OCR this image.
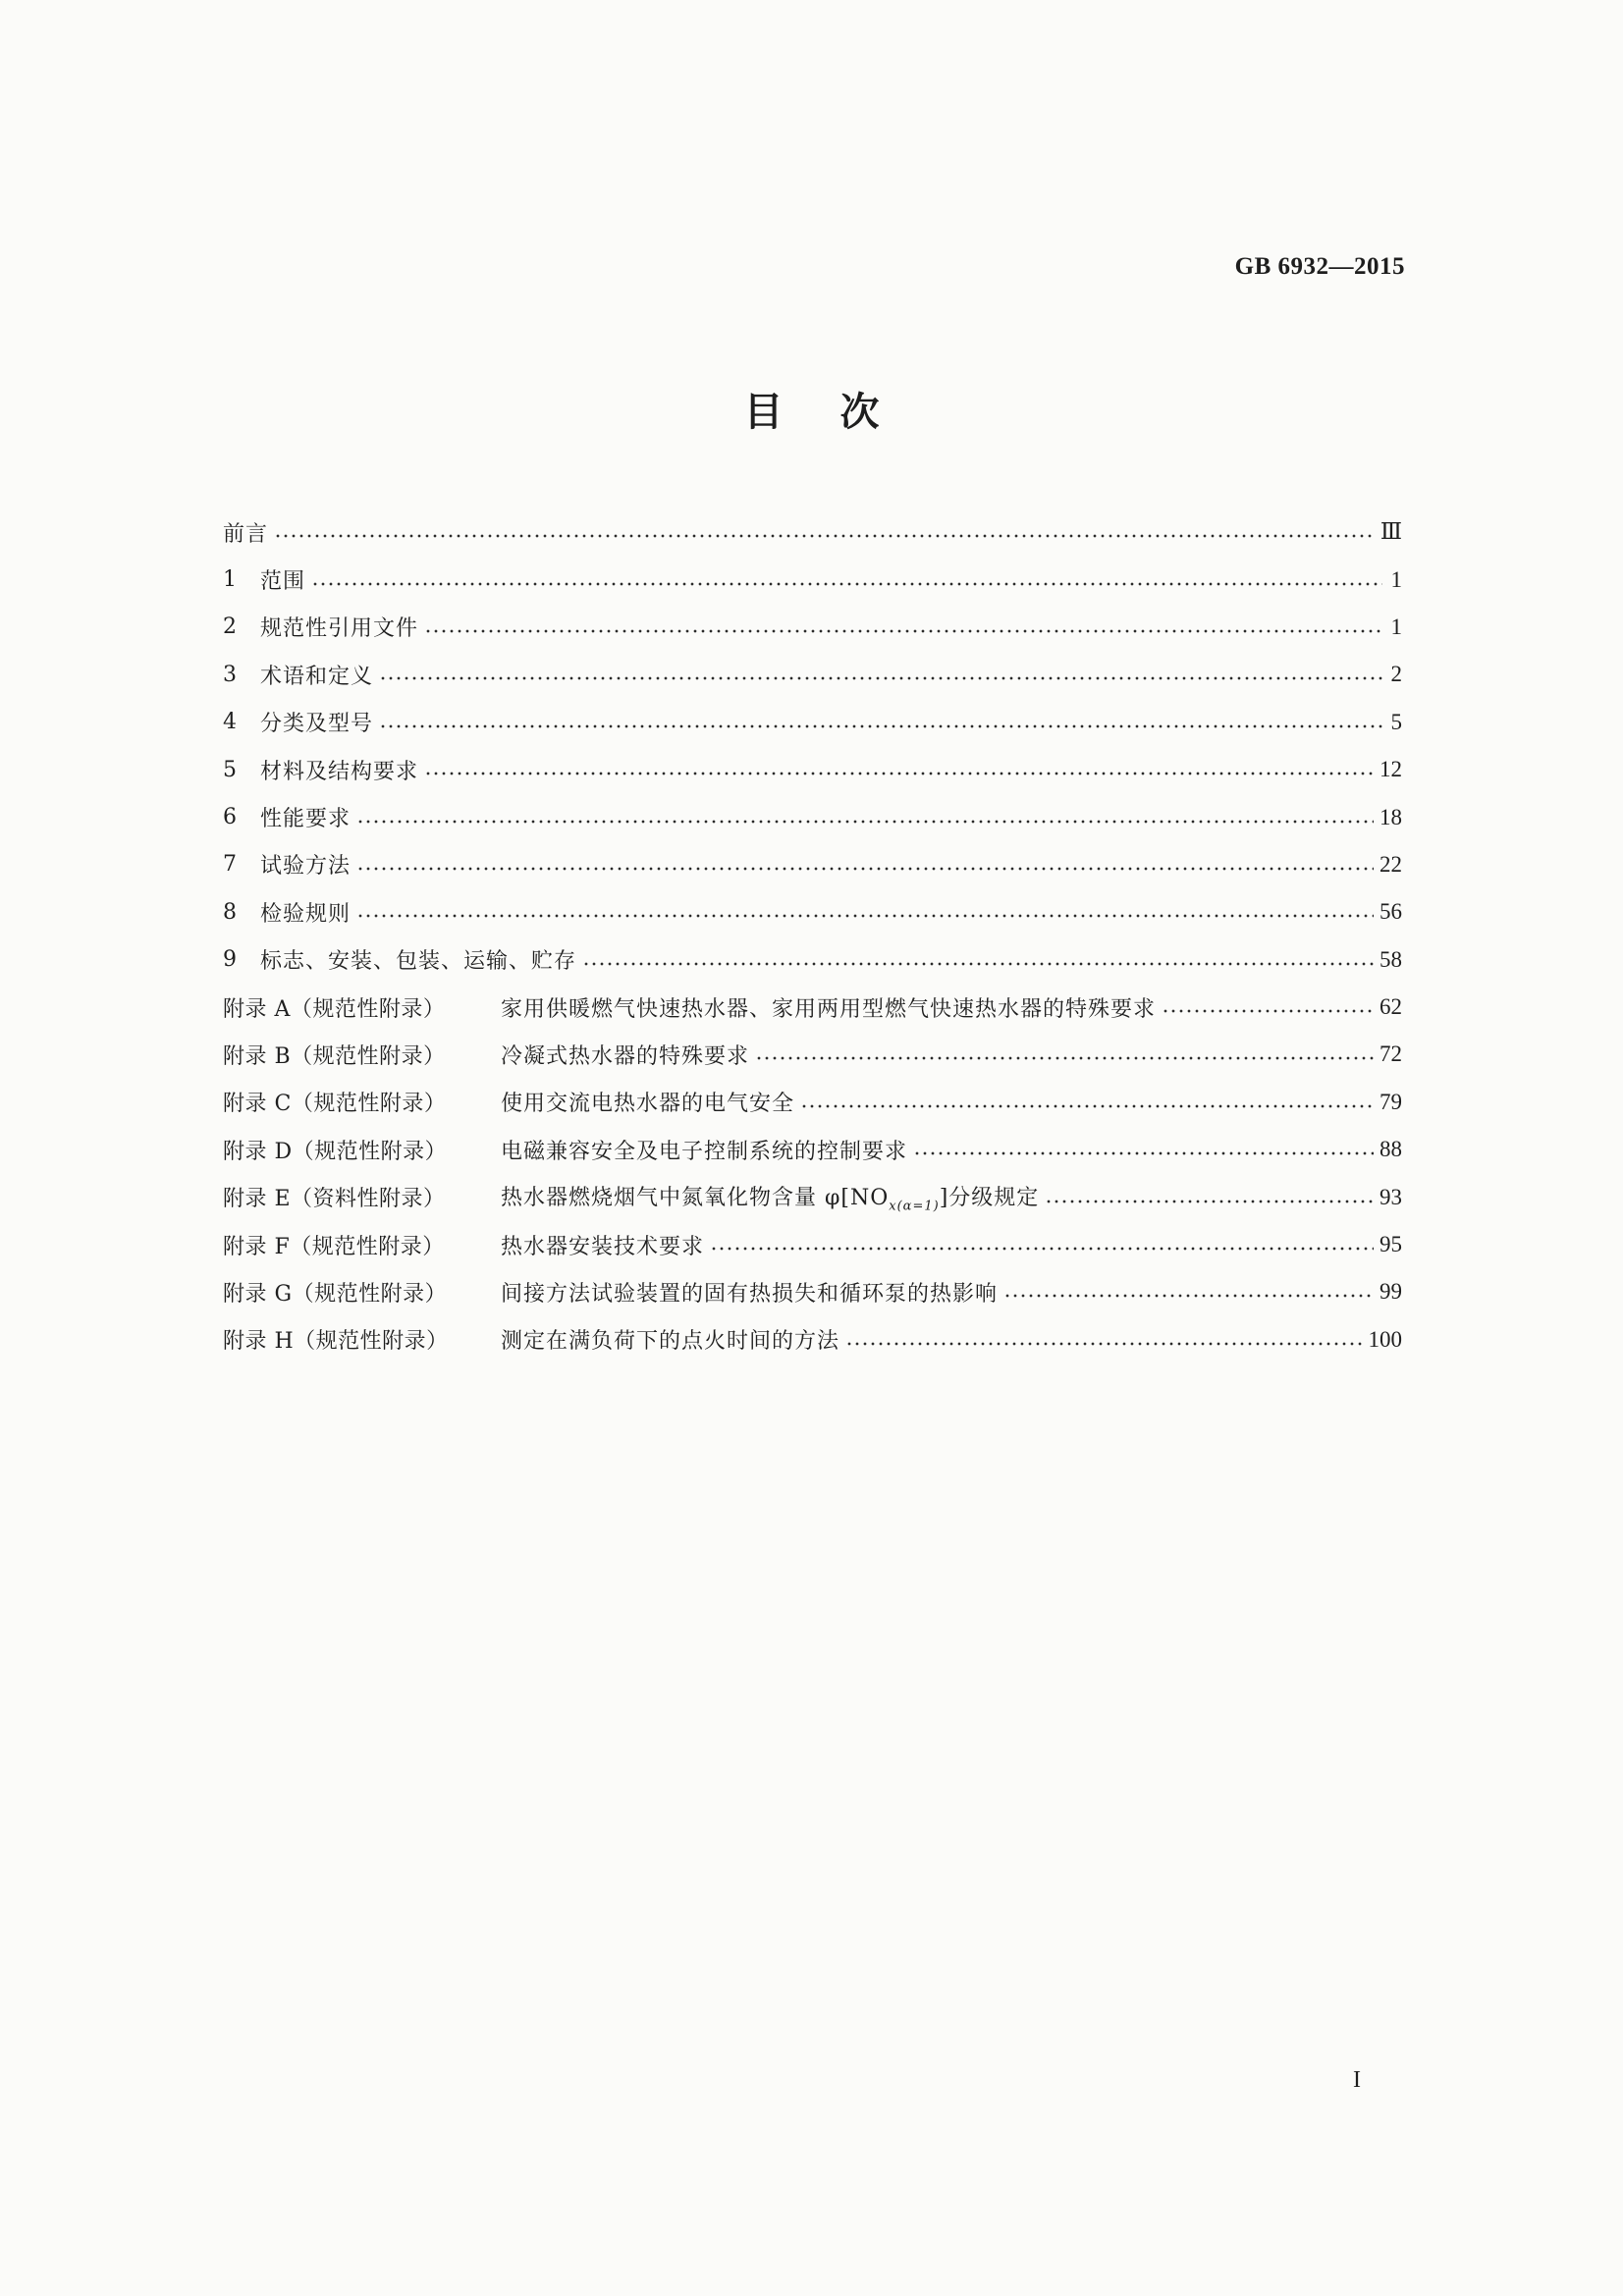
GB 6932—2015
目次
前言	Ⅲ
1	范围	1
2	规范性引用文件	1
3	术语和定义	2
4	分类及型号	5
5	材料及结构要求	12
6	性能要求	18
7	试验方法	22
8	检验规则	56
9	标志、安装、包装、运输、贮存	58
附录 A（规范性附录）	家用供暖燃气快速热水器、家用两用型燃气快速热水器的特殊要求	62
附录 B（规范性附录）	冷凝式热水器的特殊要求	72
附录 C（规范性附录）	使用交流电热水器的电气安全	79
附录 D（规范性附录）	电磁兼容安全及电子控制系统的控制要求	88
附录 E（资料性附录）	热水器燃烧烟气中氮氧化物含量 $\varphi[NO_{x(\alpha=1)}]$分级规定	93
附录 F（规范性附录）	热水器安装技术要求	95
附录 G（规范性附录）	间接方法试验装置的固有热损失和循环泵的热影响	99
附录 H（规范性附录）	测定在满负荷下的点火时间的方法	100
I
